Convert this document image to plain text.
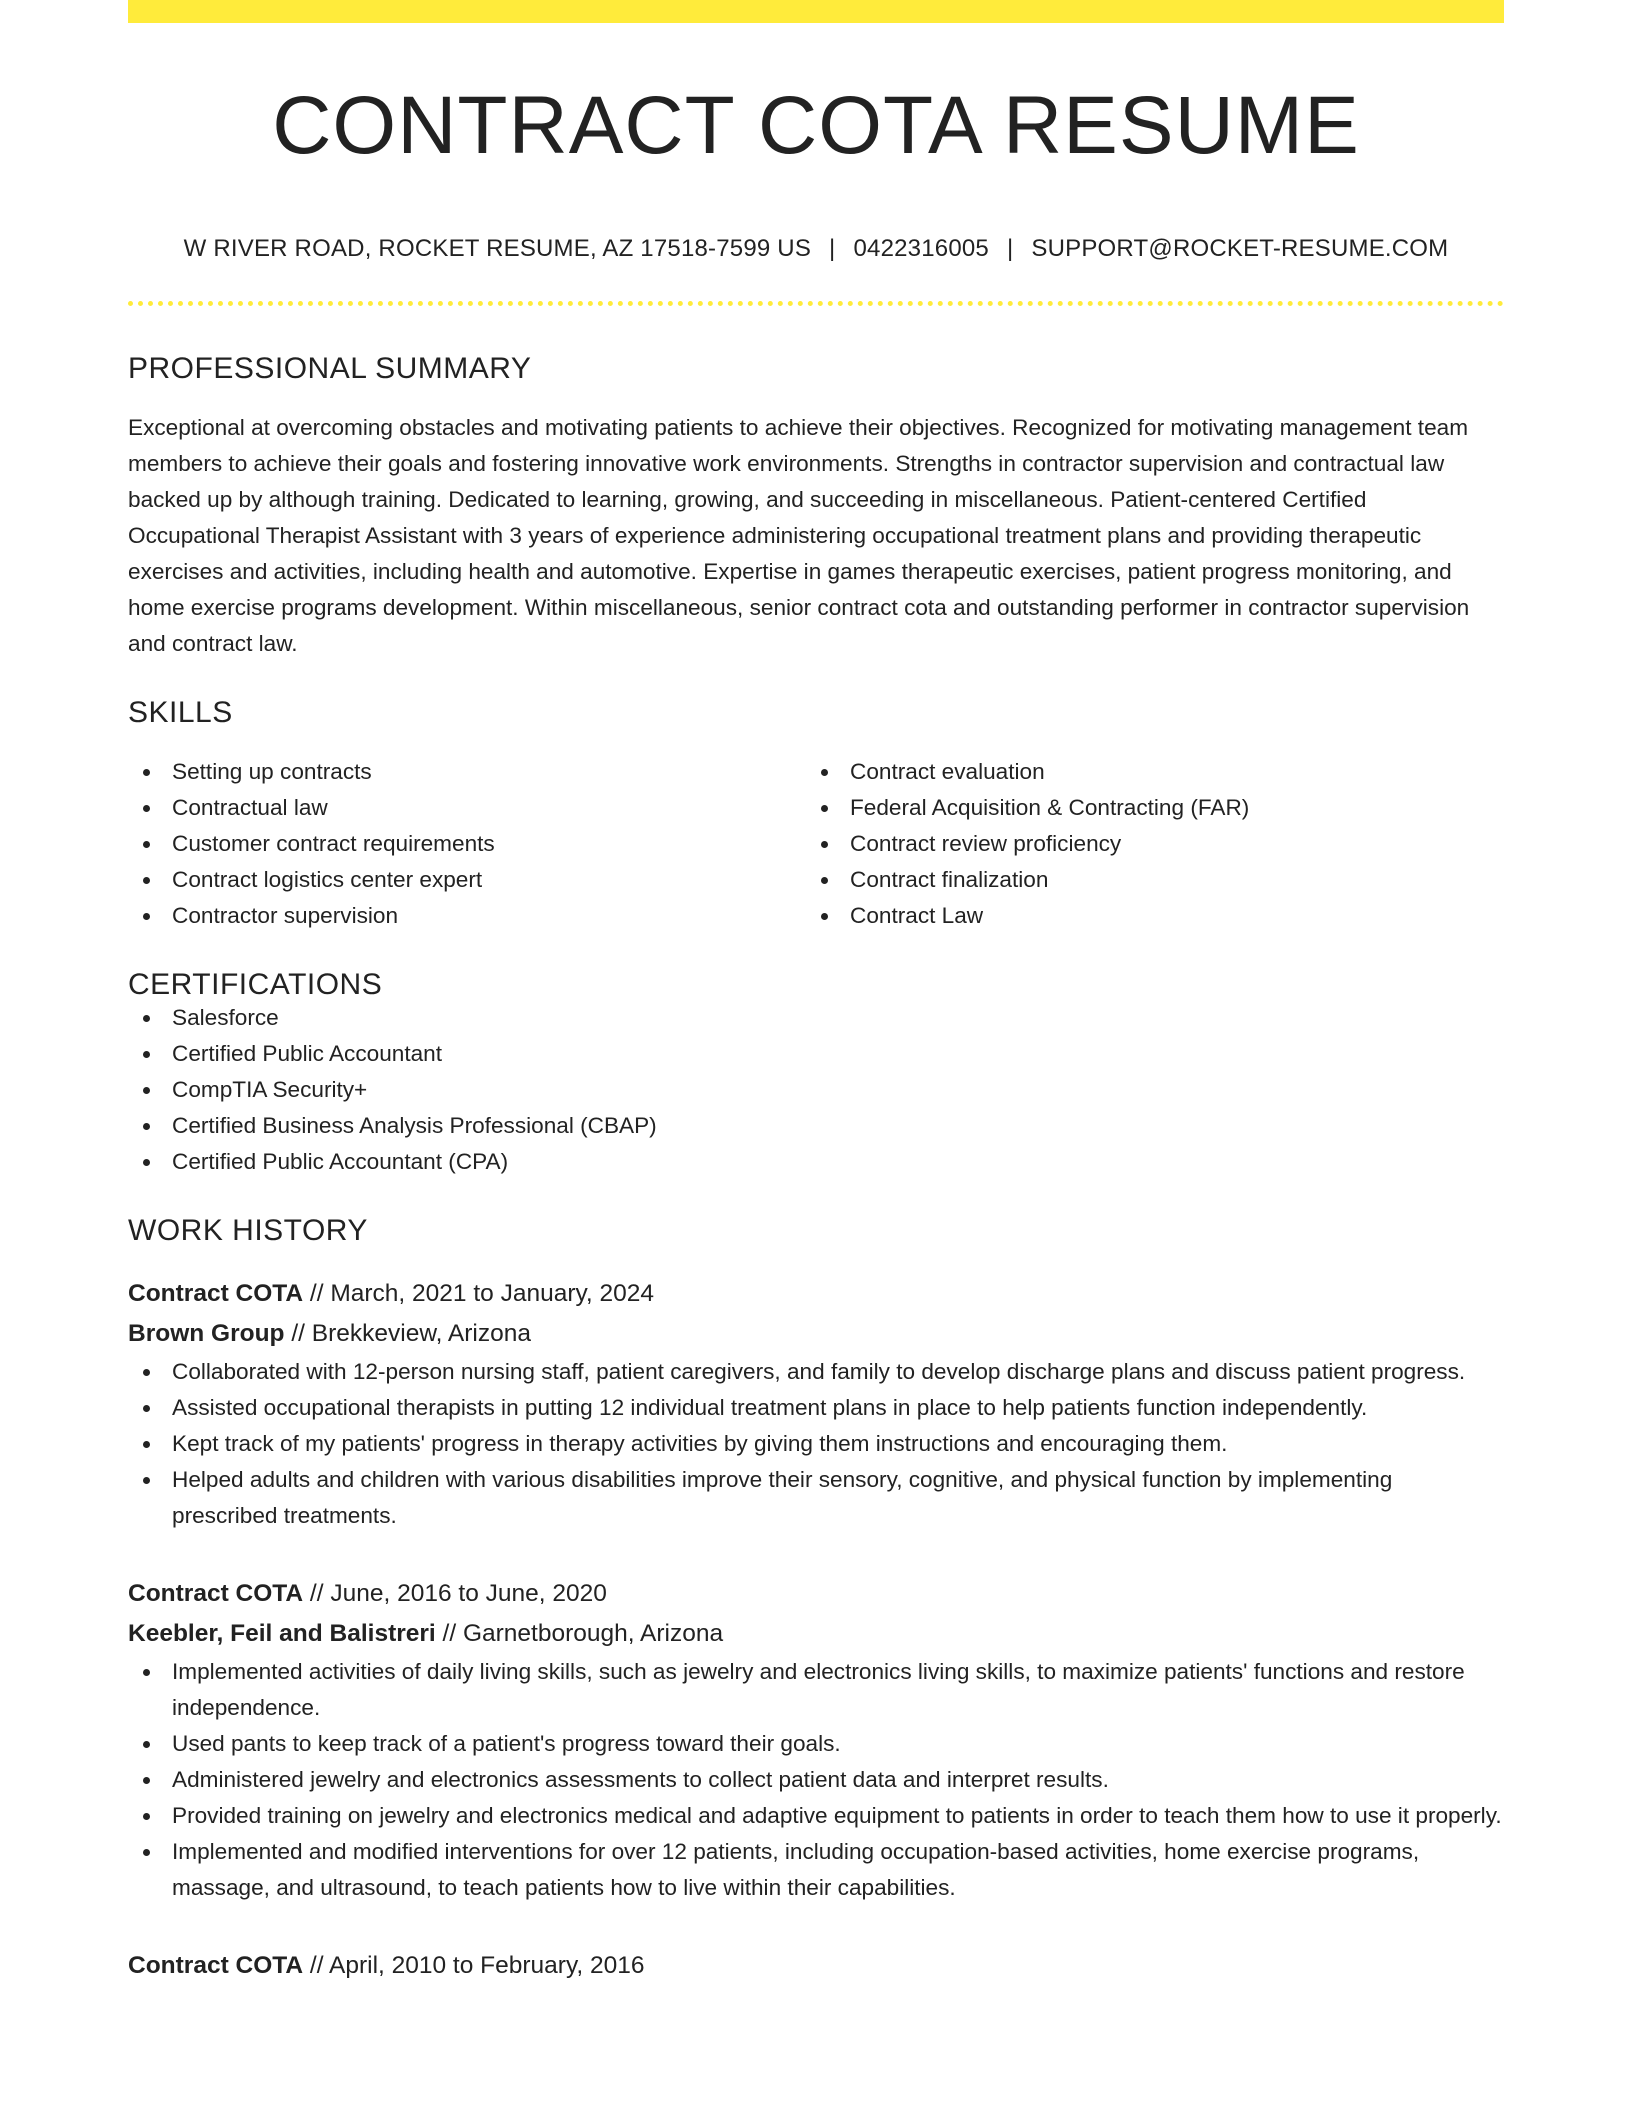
CONTRACT COTA RESUME
W RIVER ROAD, ROCKET RESUME, AZ 17518-7599 US | 0422316005 | SUPPORT@ROCKET-RESUME.COM
PROFESSIONAL SUMMARY

Exceptional at overcoming obstacles and motivating patients to achieve their objectives. Recognized for motivating management team members to achieve their goals and fostering innovative work environments. Strengths in contractor supervision and contractual law backed up by although training. Dedicated to learning, growing, and succeeding in miscellaneous. Patient-centered Certified Occupational Therapist Assistant with 3 years of experience administering occupational treatment plans and providing therapeutic exercises and activities, including health and automotive. Expertise in games therapeutic exercises, patient progress monitoring, and home exercise programs development. Within miscellaneous, senior contract cota and outstanding performer in contractor supervision and contract law.

SKILLS
Setting up contracts
Contractual law
Customer contract requirements
Contract logistics center expert
Contractor supervision
Contract evaluation
Federal Acquisition & Contracting (FAR)
Contract review proficiency
Contract finalization
Contract Law
CERTIFICATIONS
Salesforce
Certified Public Accountant
CompTIA Security+
Certified Business Analysis Professional (CBAP)
Certified Public Accountant (CPA)
WORK HISTORY
Contract COTA // March, 2021 to January, 2024
Brown Group // Brekkeview, Arizona
Collaborated with 12-person nursing staff, patient caregivers, and family to develop discharge plans and discuss patient progress.
Assisted occupational therapists in putting 12 individual treatment plans in place to help patients function independently.
Kept track of my patients' progress in therapy activities by giving them instructions and encouraging them.
Helped adults and children with various disabilities improve their sensory, cognitive, and physical function by implementing prescribed treatments.
Contract COTA // June, 2016 to June, 2020
Keebler, Feil and Balistreri // Garnetborough, Arizona
Implemented activities of daily living skills, such as jewelry and electronics living skills, to maximize patients' functions and restore independence.
Used pants to keep track of a patient's progress toward their goals.
Administered jewelry and electronics assessments to collect patient data and interpret results.
Provided training on jewelry and electronics medical and adaptive equipment to patients in order to teach them how to use it properly.
Implemented and modified interventions for over 12 patients, including occupation-based activities, home exercise programs, massage, and ultrasound, to teach patients how to live within their capabilities.
Contract COTA // April, 2010 to February, 2016
